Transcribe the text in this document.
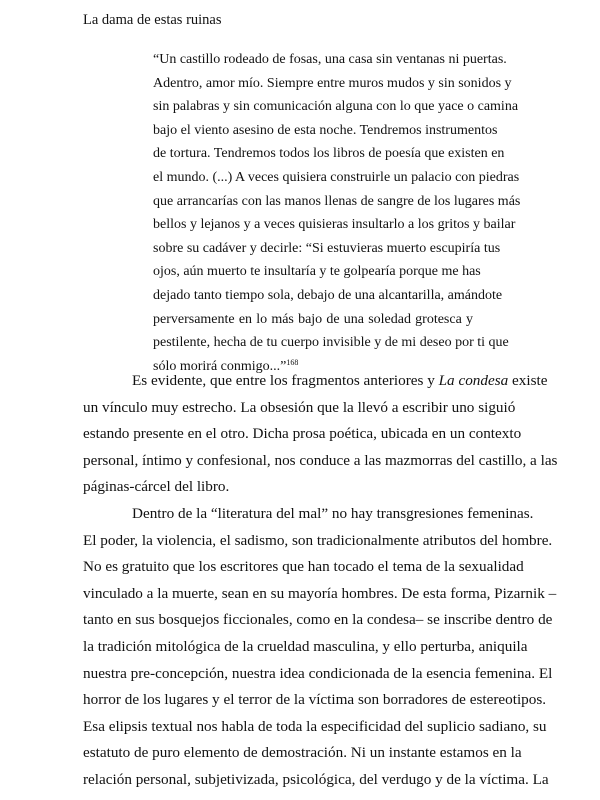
La dama de estas ruinas
“Un castillo rodeado de fosas, una casa sin ventanas ni puertas.
Adentro, amor mío. Siempre entre muros mudos y sin sonidos y
sin palabras y sin comunicación alguna con lo que yace o camina
bajo el viento asesino de esta noche. Tendremos instrumentos
de tortura. Tendremos todos los libros de poesía que existen en
el mundo. (...) A veces quisiera construirle un palacio con piedras
que arrancarías con las manos llenas de sangre de los lugares más
bellos y lejanos y a veces quisieras insultarlo a los gritos y bailar
sobre su cadáver y decirle: “Si estuvieras muerto escupiría tus
ojos, aún muerto te insultaría y te golpearía porque me has
dejado tanto tiempo sola, debajo de una alcantarilla, amándote
perversamente en lo más bajo de una soledad grotesca y
pestilente, hecha de tu cuerpo invisible y de mi deseo por ti que
sólo morirá conmigo...”$^{168}$
Es evidente, que entre los fragmentos anteriores y La condesa existe
un vínculo muy estrecho. La obsesión que la llevó a escribir uno siguió
estando presente en el otro. Dicha prosa poética, ubicada en un contexto
personal, íntimo y confesional, nos conduce a las mazmorras del castillo, a las
páginas-cárcel del libro.
Dentro de la “literatura del mal” no hay transgresiones femeninas.
El poder, la violencia, el sadismo, son tradicionalmente atributos del hombre.
No es gratuito que los escritores que han tocado el tema de la sexualidad
vinculado a la muerte, sean en su mayoría hombres. De esta forma, Pizarnik –
tanto en sus bosquejos ficcionales, como en la condesa– se inscribe dentro de
la tradición mitológica de la crueldad masculina, y ello perturba, aniquila
nuestra pre-concepción, nuestra idea condicionada de la esencia femenina. El
horror de los lugares y el terror de la víctima son borradores de estereotipos.
Esa elipsis textual nos habla de toda la especificidad del suplicio sadiano, su
estatuto de puro elemento de demostración. Ni un instante estamos en la
relación personal, subjetivizada, psicológica, del verdugo y de la víctima. La
